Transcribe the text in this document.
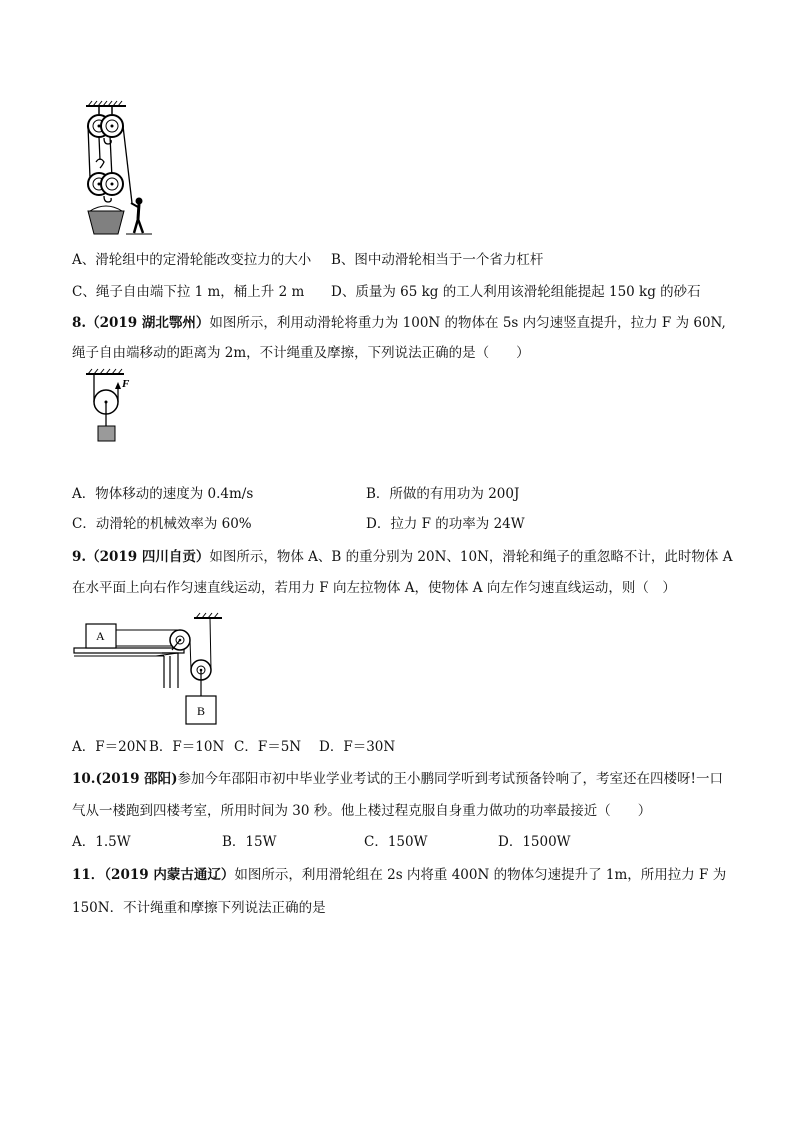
A、滑轮组中的定滑轮能改变拉力的大小 B、图中动滑轮相当于一个省力杠杆
C、绳子自由端下拉 1 m，桶上升 2 m D、质量为 65 kg 的工人利用该滑轮组能提起 150 kg 的砂石
8.（2019 湖北鄂州）如图所示，利用动滑轮将重力为 100N 的物体在 5s 内匀速竖直提升，拉力 F 为 60N,
绳子自由端移动的距离为 2m，不计绳重及摩擦，下列说法正确的是（　　）
F
A．物体移动的速度为 0.4m/s	B．所做的有用功为 200J
C．动滑轮的机械效率为 60%	D．拉力 F 的功率为 24W
9.（2019 四川自贡）如图所示，物体 A、B 的重分别为 20N、10N，滑轮和绳子的重忽略不计，此时物体 A
在水平面上向右作匀速直线运动，若用力 F 向左拉物体 A，使物体 A 向左作匀速直线运动，则（　）
A
B
A．F＝20N B．F＝10N C．F＝5N D．F＝30N
10.(2019 邵阳)参加今年邵阳市初中毕业学业考试的王小鹏同学听到考试预备铃响了，考室还在四楼呀!一口
气从一楼跑到四楼考室，所用时间为 30 秒。他上楼过程克服自身重力做功的功率最接近（　　）
A．1.5W	B．15W	C．150W	D．1500W
11．（2019 内蒙古通辽）如图所示，利用滑轮组在 2s 内将重 400N 的物体匀速提升了 1m，所用拉力 F 为
150N．不计绳重和摩擦下列说法正确的是
